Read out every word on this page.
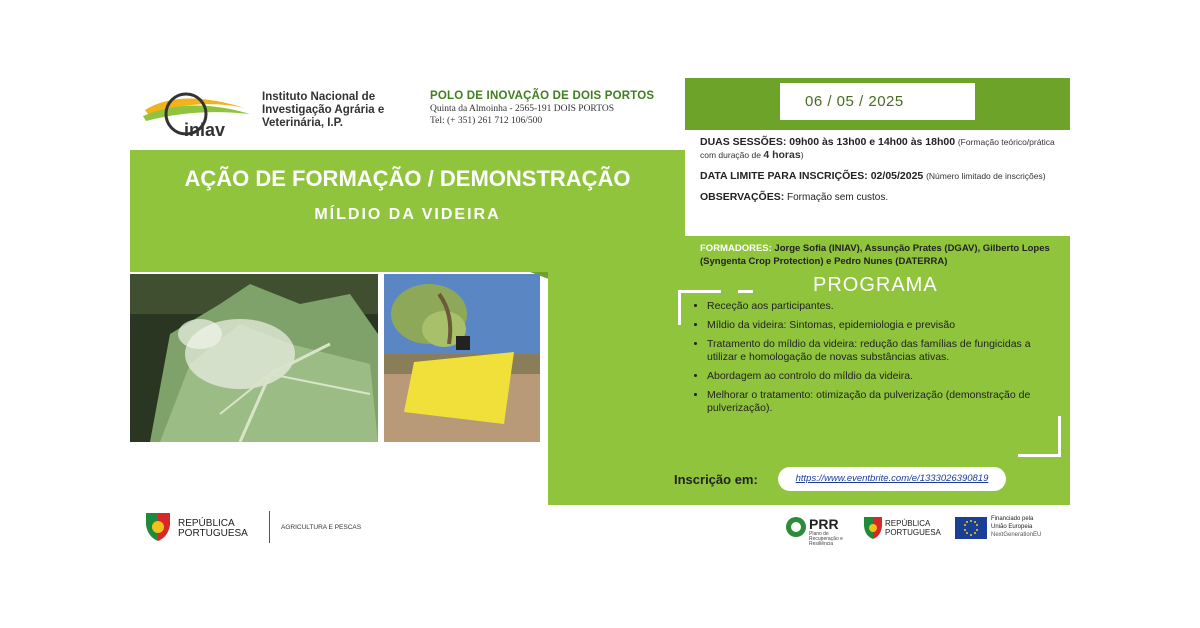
iniav
Instituto Nacional de Investigação Agrária e Veterinária, I.P.
POLO DE INOVAÇÃO DE DOIS PORTOS
Quinta da Almoinha - 2565-191 DOIS PORTOS
Tel: (+ 351) 261 712 106/500
AÇÃO DE FORMAÇÃO / DEMONSTRAÇÃO
MÍLDIO DA VIDEIRA
06 / 05 / 2025

DUAS SESSÕES: 09h00 às 13h00 e 14h00 às 18h00 (Formação teórico/prática com duração de 4 horas)

DATA LIMITE PARA INSCRIÇÕES: 02/05/2025 (Número limitado de inscrições)

OBSERVAÇÕES: Formação sem custos.

FORMADORES: Jorge Sofia (INIAV), Assunção Prates (DGAV), Gilberto Lopes (Syngenta Crop Protection) e Pedro Nunes (DATERRA)
PROGRAMA
• Receção aos participantes.
• Míldio da videira: Sintomas, epidemiologia e previsão
• Tratamento do míldio da videira: redução das famílias de fungicidas a utilizar e homologação de novas substâncias ativas.
• Abordagem ao controlo do míldio da videira.
• Melhorar o tratamento: otimização da pulverização (demonstração de pulverização).
Inscrição em:	https://www.eventbrite.com/e/1333026390819
REPÚBLICA
PORTUGUESA
AGRICULTURA E PESCAS	PRR
Plano de Recuperação e Resiliência
REPÚBLICA
PORTUGUESA
Financiado pela
União Europeia
NextGenerationEU
